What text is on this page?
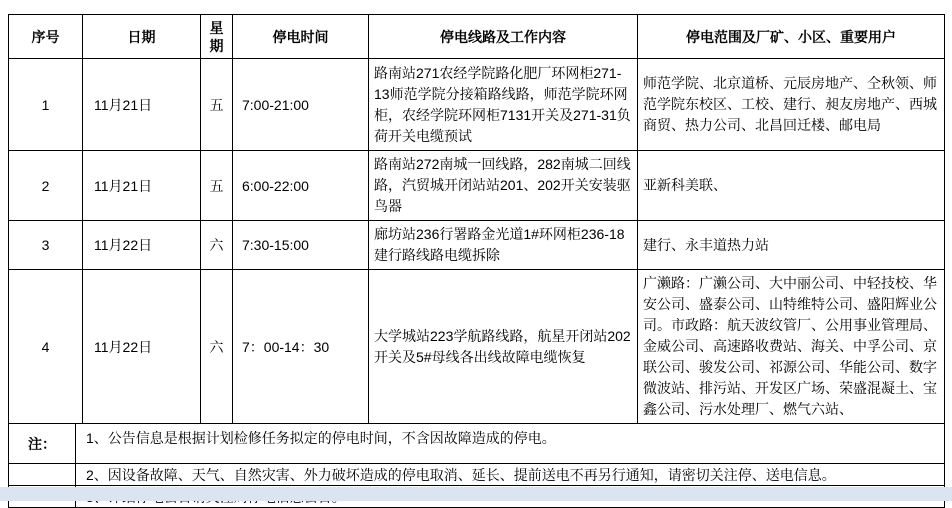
序号	日期	星期	停电时间	停电线路及工作内容	停电范围及厂矿、小区、重要用户
1	11月21日	五	7:00-21:00	路南站271农经学院路化肥厂环网柜271-13师范学院分接箱路线路，师范学院环网柜，农经学院环网柜7131开关及271-31负荷开关电缆预试	师范学院、北京道桥、元辰房地产、仝秋领、师范学院东校区、工校、建行、昶友房地产、西城商贸、热力公司、北昌回迁楼、邮电局
2	11月21日	五	6:00-22:00	路南站272南城一回线路，282南城二回线路，汽贸城开闭站站201、202开关安装驱鸟器	亚新科美联、
3	11月22日	六	7:30-15:00	廊坊站236行署路金光道1#环网柜236-18建行路线路电缆拆除	建行、永丰道热力站
4	11月22日	六	7：00-14：30	大学城站223学航路线路，航星开闭站202开关及5#母线各出线故障电缆恢复	广濑路：广濑公司、大中丽公司、中轻技校、华安公司、盛泰公司、山特维特公司、盛阳辉业公司。市政路：航天波纹管厂、公用事业管理局、金威公司、高速路收费站、海关、中孚公司、京联公司、骏发公司、祁源公司、华能公司、数字微波站、排污站、开发区广场、荣盛混凝土、宝鑫公司、污水处理厂、燃气六站、
注：	1、公告信息是根据计划检修任务拟定的停电时间，不含因故障造成的停电。
	2、因设备故障、天气、自然灾害、外力破坏造成的停电取消、延长、提前送电不再另行通知，请密切关注停、送电信息。
